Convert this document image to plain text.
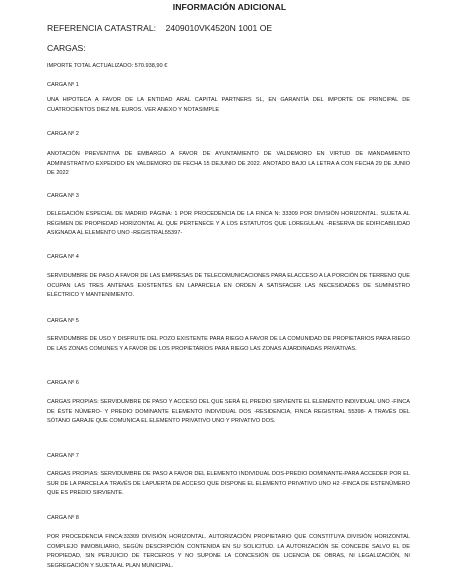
INFORMACIÓN ADICIONAL
REFERENCIA CATASTRAL:    2409010VK4520N 1001 OE
CARGAS:
IMPORTE TOTAL ACTUALIZADO: 570.938,90 €
CARGA Nº 1
UNA HIPOTECA A FAVOR DE LA ENTIDAD ARAL CAPITAL PARTNERS SL, EN GARANTÍA DEL IMPORTE DE PRINCIPAL DE CUATROCIENTOS DIEZ MIL EUROS. VER ANEXO Y NOTASIMPLE
CARGA Nº 2
ANOTACIÓN PREVENTIVA DE EMBARGO A FAVOR DE AYUNTAMIENTO DE VALDEMORO EN VIRTUD DE MANDAMIENTO ADMINISTRATIVO EXPEDIDO EN VALDEMORO DE FECHA 15 DEJUNIO DE 2022. ANOTADO BAJO LA LETRA A CON FECHA 29 DE JUNIO DE 2022
CARGA Nº 3
DELEGACIÓN ESPECIAL DE MADRID PÁGINA: 1 POR PROCEDENCIA DE LA FINCA N: 33309 POR DIVISIÓN HORIZONTAL. SUJETA AL RÉGIMEN DE PROPIEDAD HORIZONTAL AL QUE PERTENECE Y A LOS ESTATUTOS QUE LOREGULAN. -RESERVA DE EDIFICABILIDAD ASIGNADA AL ELEMENTO UNO -REGISTRAL55397-
CARGA Nº 4
SERVIDUMBRE DE PASO A FAVOR DE LAS EMPRESAS DE TELECOMUNICACIONES PARA ELACCESO A LA PORCIÓN DE TERRENO QUE OCUPAN LAS TRES ANTENAS EXISTENTES EN LAPARCELA EN ORDEN A SATISFACER LAS NECESIDADES DE SUMINISTRO ELÉCTRICO Y MANTENIMIENTO.
CARGA Nº 5
SERVIDUMBRE DE USO Y DISFRUTE DEL POZO EXISTENTE PARA RIEGO A FAVOR DE LA COMUNIDAD DE PROPIETARIOS PARA RIEGO DE LAS ZONAS COMUNES Y A FAVOR DE LOS PROPIETARIOS PARA RIEGO LAS ZONAS AJARDINADAS PRIVATIVAS.
CARGA Nº 6
CARGAS PROPIAS: SERVIDUMBRE DE PASO Y ACCESO DEL QUE SERÁ EL PREDIO SIRVIENTE EL ELEMENTO INDIVIDUAL UNO -FINCA DE ÉSTE NÚMERO- Y PREDIO DOMINANTE ELEMENTO INDIVIDUAL DOS -RESIDENCIA, FINCA REGISTRAL 55398- A TRAVÉS DEL SÓTANO GARAJE QUE COMUNICA EL ELEMENTO PRIVATIVO UNO Y PRIVATIVO DOS.
CARGA Nº 7
CARGAS PROPIAS: SERVIDUMBRE DE PASO A FAVOR DEL ELEMENTO INDIVIDUAL DOS-PREDIO DOMINANTE-PARA ACCEDER POR EL SUR DE LA PARCELA A TRAVÉS DE LAPUERTA DE ACCESO QUE DISPONE EL ELEMENTO PRIVATIVO UNO H2 -FINCA DE ESTENÚMERO QUE ES PREDIO SIRVIENTE.
CARGA Nº 8
POR PROCEDENCIA FINCA:33309 DIVISIÓN HORIZONTAL. AUTORIZACIÓN PROPIETARIO QUE CONSTITUYA DIVISIÓN HORIZONTAL COMPLEJO INMOBILIARIO, SEGÚN DESCRIPCIÓN CONTENIDA EN SU SOLICITUD. LA AUTORIZACIÓN SE CONCEDE SALVO EL DE PROPIEDAD, SIN PERJUICIO DE TERCEROS Y NO SUPONE LA CONCESIÓN DE LICENCIA DE OBRAS, NI LEGALIZACIÓN, NI SEGREGACIÓN Y SUJETA AL PLAN MUNICIPAL.
